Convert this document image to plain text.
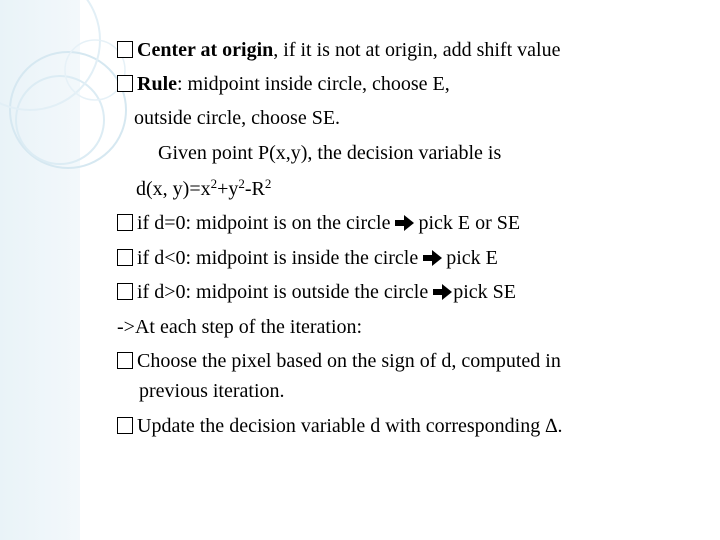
Center at origin, if it is not at origin, add shift value
Rule: midpoint inside circle, choose E,
outside circle, choose SE.
Given point P(x,y), the decision variable is
d(x, $y)=x^2+y^2-R^2$
if d=0: midpoint is on the circle pick E or SE
if d<0: midpoint is inside the circle pick E
if d>0: midpoint is outside the circle pick SE
->At each step of the iteration:
Choose the pixel based on the sign of d, computed in
previous iteration.
Update the decision variable d with corresponding ∆.
